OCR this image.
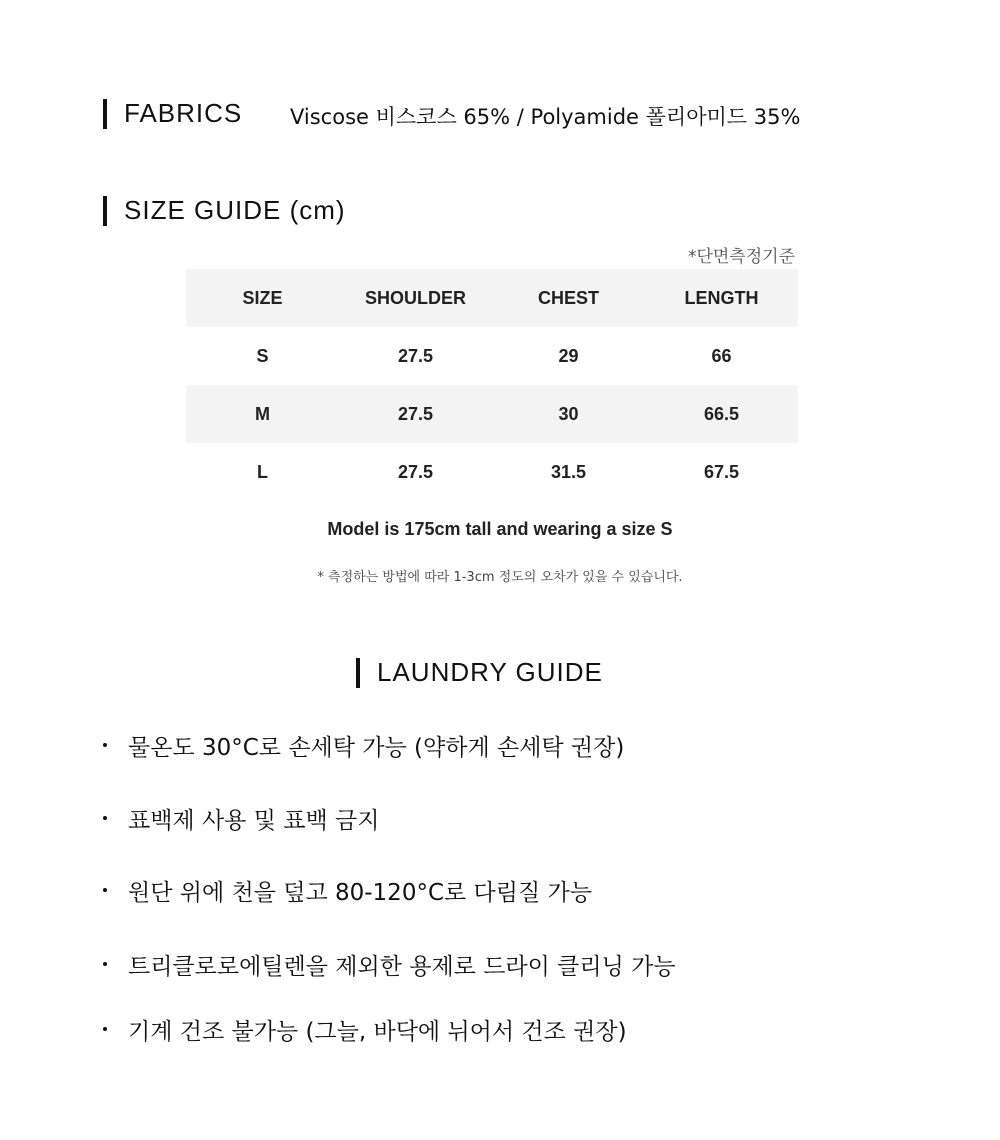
FABRICS Viscose 비스코스 65% / Polyamide 폴리아미드 35%
SIZE GUIDE (cm)
*단면측정기준
SIZE	SHOULDER	CHEST	LENGTH
S	27.5	29	66
M	27.5	30	66.5
L	27.5	31.5	67.5
Model is 175cm tall and wearing a size S
* 측정하는 방법에 따라 1-3cm 정도의 오차가 있을 수 있습니다.
LAUNDRY GUIDE
물온도 30°C로 손세탁 가능 (약하게 손세탁 권장)
표백제 사용 및 표백 금지
원단 위에 천을 덮고 80-120°C로 다림질 가능
트리클로로에틸렌을 제외한 용제로 드라이 클리닝 가능
기계 건조 불가능 (그늘, 바닥에 뉘어서 건조 권장)
